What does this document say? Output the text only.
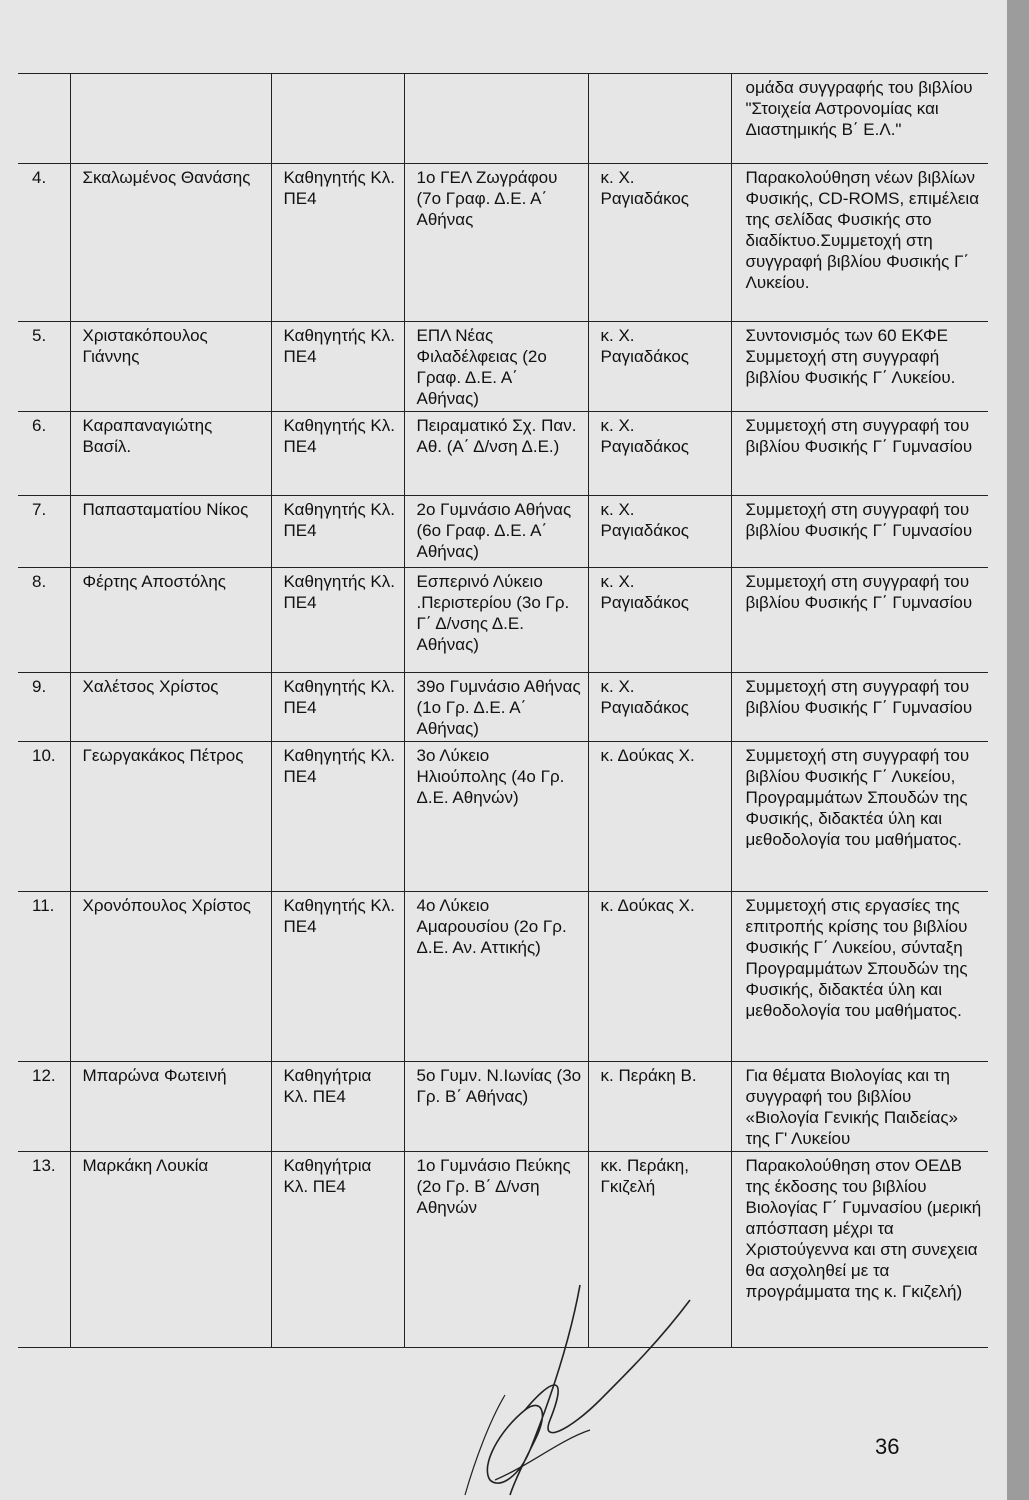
					ομάδα συγγραφής του βιβλίου "Στοιχεία Αστρονομίας και Διαστημικής Β΄ Ε.Λ."
4.	Σκαλωμένος Θανάσης	Καθηγητής Κλ. ΠΕ4	1ο ΓΕΛ Ζωγράφου (7ο Γραφ. Δ.Ε. Α΄ Αθήνας	κ. Χ. Ραγιαδάκος	Παρακολούθηση νέων βιβλίων Φυσικής, CD-ROMS, επιμέλεια της σελίδας Φυσικής στο διαδίκτυο.Συμμετοχή στη συγγραφή βιβλίου Φυσικής Γ΄ Λυκείου.
5.	Χριστακόπουλος Γιάννης	Καθηγητής Κλ. ΠΕ4	ΕΠΛ Νέας Φιλαδέλφειας (2ο Γραφ. Δ.Ε. Α΄ Αθήνας)	κ. Χ. Ραγιαδάκος	Συντονισμός των 60 ΕΚΦΕ Συμμετοχή στη συγγραφή βιβλίου Φυσικής Γ΄ Λυκείου.
6.	Καραπαναγιώτης Βασίλ.	Καθηγητής Κλ. ΠΕ4	Πειραματικό Σχ. Παν. Αθ. (Α΄ Δ/νση Δ.Ε.)	κ. Χ. Ραγιαδάκος	Συμμετοχή στη συγγραφή του βιβλίου Φυσικής Γ΄ Γυμνασίου
7.	Παπασταματίου Νίκος	Καθηγητής Κλ. ΠΕ4	2ο Γυμνάσιο Αθήνας (6ο Γραφ. Δ.Ε. Α΄ Αθήνας)	κ. Χ. Ραγιαδάκος	Συμμετοχή στη συγγραφή του βιβλίου Φυσικής Γ΄ Γυμνασίου
8.	Φέρτης Αποστόλης	Καθηγητής Κλ. ΠΕ4	Εσπερινό Λύκειο .Περιστερίου (3ο Γρ. Γ΄ Δ/νσης Δ.Ε. Αθήνας)	κ. Χ. Ραγιαδάκος	Συμμετοχή στη συγγραφή του βιβλίου Φυσικής Γ΄ Γυμνασίου
9.	Χαλέτσος Χρίστος	Καθηγητής Κλ. ΠΕ4	39ο Γυμνάσιο Αθήνας (1ο Γρ. Δ.Ε. Α΄ Αθήνας)	κ. Χ. Ραγιαδάκος	Συμμετοχή στη συγγραφή του βιβλίου Φυσικής Γ΄ Γυμνασίου
10.	Γεωργακάκος Πέτρος	Καθηγητής Κλ. ΠΕ4	3ο Λύκειο Ηλιούπολης (4ο Γρ. Δ.Ε. Αθηνών)	κ. Δούκας Χ.	Συμμετοχή στη συγγραφή του βιβλίου Φυσικής Γ΄ Λυκείου, Προγραμμάτων Σπουδών της Φυσικής, διδακτέα ύλη και μεθοδολογία του μαθήματος.
11.	Χρονόπουλος Χρίστος	Καθηγητής Κλ. ΠΕ4	4ο Λύκειο Αμαρουσίου (2ο Γρ. Δ.Ε. Αν. Αττικής)	κ. Δούκας Χ.	Συμμετοχή στις εργασίες της επιτροπής κρίσης του βιβλίου Φυσικής Γ΄ Λυκείου, σύνταξη Προγραμμάτων Σπουδών της Φυσικής, διδακτέα ύλη και μεθοδολογία του μαθήματος.
12.	Μπαρώνα Φωτεινή	Καθηγήτρια Κλ. ΠΕ4	5ο Γυμν. Ν.Ιωνίας (3ο Γρ. Β΄ Αθήνας)	κ. Περάκη Β.	Για θέματα Βιολογίας και τη συγγραφή του βιβλίου «Βιολογία Γενικής Παιδείας» της Γ' Λυκείου
13.	Μαρκάκη Λουκία	Καθηγήτρια Κλ. ΠΕ4	1ο Γυμνάσιο Πεύκης (2ο Γρ. Β΄ Δ/νση Αθηνών	κκ. Περάκη, Γκιζελή	Παρακολούθηση στον ΟΕΔΒ της έκδοσης του βιβλίου Βιολογίας Γ΄ Γυμνασίου (μερική απόσπαση μέχρι τα Χριστούγεννα και στη συνεχεια θα ασχοληθεί με τα προγράμματα της κ. Γκιζελή)
36
